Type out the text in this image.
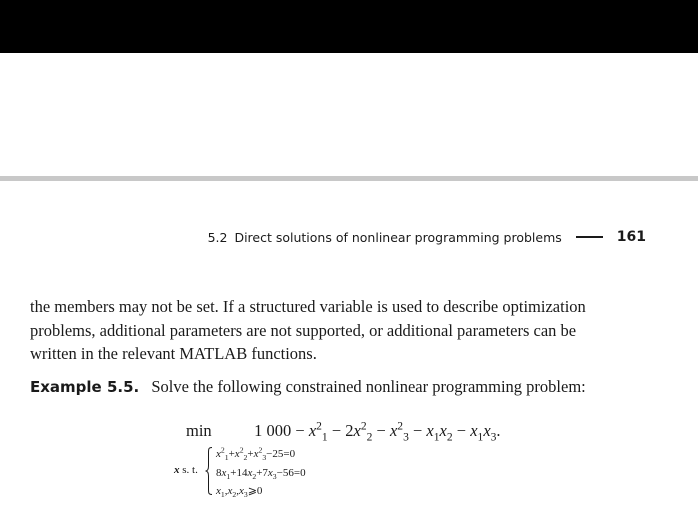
5.2 Direct solutions of nonlinear programming problems	161

the members may not be set. If a structured variable is used to describe optimization

problems, additional parameters are not supported, or additional parameters can be

written in the relevant MATLAB functions.

Example 5.5. Solve the following constrained nonlinear programming problem:
min	1 $000 - x^2_1 - 2x^2_2 - x^2_3 - x_1x_2 - x_1x_3$.
x s. t.
$x^2_1+x^2_2+x^2_3-25=0$
$8x_1+14x_2+7x_3-56=0$
$x_1,x_2,x_3⩾0$
